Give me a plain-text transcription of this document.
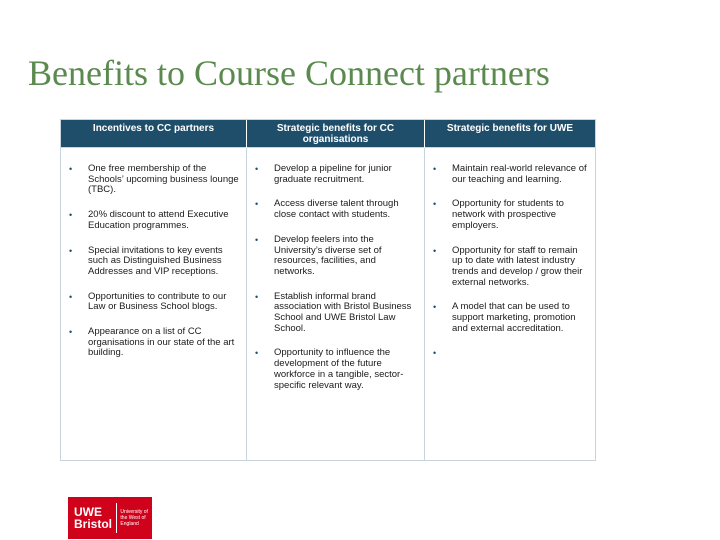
Benefits to Course Connect partners
Incentives to CC partners	Strategic benefits for CC organisations
Strategic benefits for UWE
• One free membership of the Schools’ upcoming business lounge (TBC).
• 20% discount to attend Executive Education programmes.
• Special invitations to key events such as Distinguished Business Addresses and VIP receptions.
• Opportunities to contribute to our Law or Business School blogs.
• Appearance on a list of CC organisations in our state of the art building.
• Develop a pipeline for junior graduate recruitment.
• Access diverse talent through close contact with students.
• Develop feelers into the University’s diverse set of resources, facilities, and networks.
• Establish informal brand association with Bristol Business School and UWE Bristol Law School.
• Opportunity to influence the development of the future workforce in a tangible, sector-specific relevant way.
• Maintain real-world relevance of our teaching and learning.
• Opportunity for students to network with prospective employers.
• Opportunity for staff to remain up to date with latest industry trends and develop / grow their external networks.
• A model that can be used to support marketing, promotion and external accreditation.
•
UWE Bristol
University of the West of England
